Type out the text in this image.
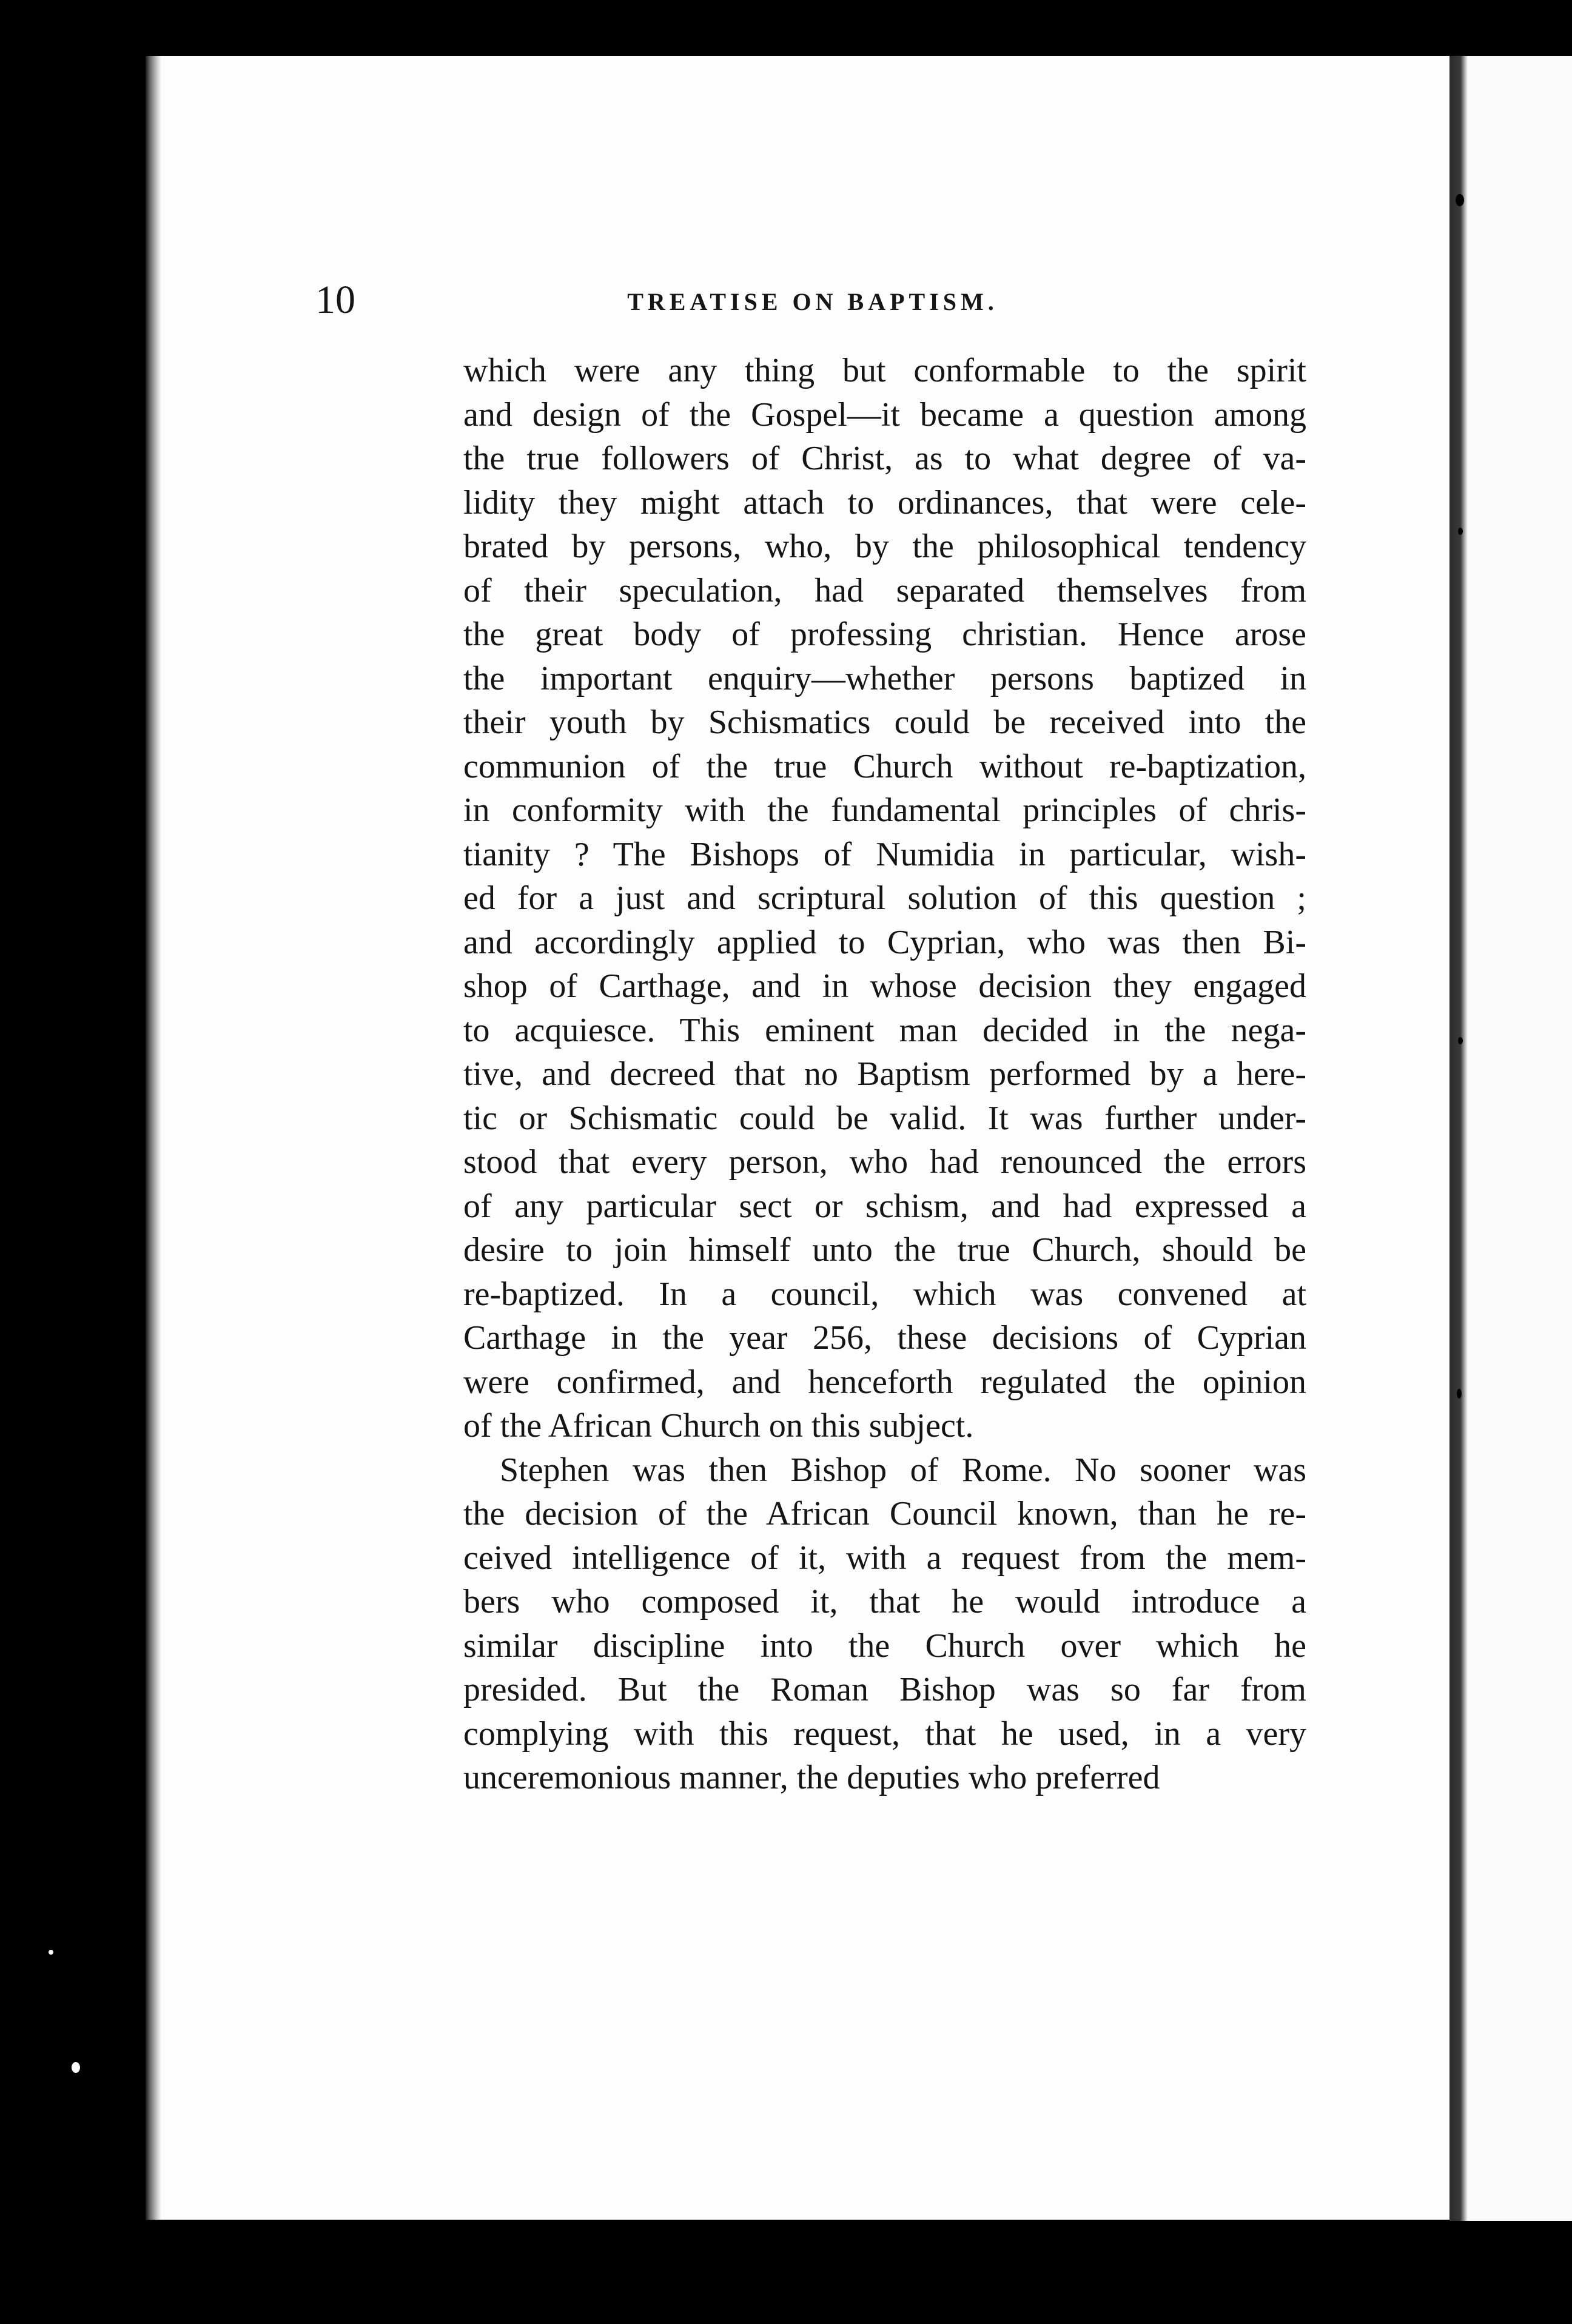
10	TREATISE ON BAPTISM.
which were any thing but conformable to the spirit
and design of the Gospel—it became a question among
the true followers of Christ, as to what degree of va-
lidity they might attach to ordinances, that were cele-
brated by persons, who, by the philosophical tendency
of their speculation, had separated themselves from
the great body of professing christian. Hence arose
the important enquiry—whether persons baptized in
their youth by Schismatics could be received into the
communion of the true Church without re-baptization,
in conformity with the fundamental principles of chris-
tianity ? The Bishops of Numidia in particular, wish-
ed for a just and scriptural solution of this question ;
and accordingly applied to Cyprian, who was then Bi-
shop of Carthage, and in whose decision they engaged
to acquiesce. This eminent man decided in the nega-
tive, and decreed that no Baptism performed by a here-
tic or Schismatic could be valid. It was further under-
stood that every person, who had renounced the errors
of any particular sect or schism, and had expressed a
desire to join himself unto the true Church, should be
re-baptized. In a council, which was convened at
Carthage in the year 256, these decisions of Cyprian
were confirmed, and henceforth regulated the opinion
of the African Church on this subject.
Stephen was then Bishop of Rome. No sooner was
the decision of the African Council known, than he re-
ceived intelligence of it, with a request from the mem-
bers who composed it, that he would introduce a
similar discipline into the Church over which he
presided. But the Roman Bishop was so far from
complying with this request, that he used, in a very
unceremonious manner, the deputies who preferred
